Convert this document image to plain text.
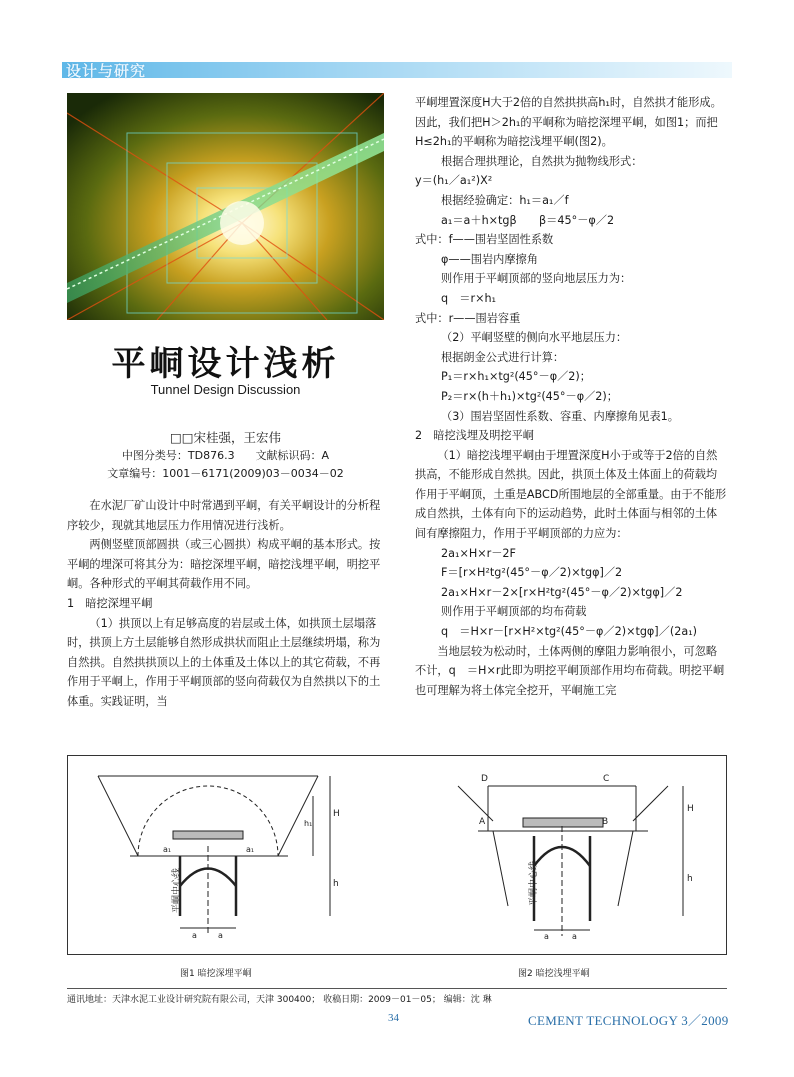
设计与研究
平峒设计浅析
Tunnel Design Discussion
□□宋桂强，王宏伟
中图分类号：TD876.3 文献标识码：A
文章编号：1001－6171(2009)03－0034－02

在水泥厂矿山设计中时常遇到平峒，有关平峒设计的分析程序较少，现就其地层压力作用情况进行浅析。

两侧竖壁顶部圆拱（或三心圆拱）构成平峒的基本形式。按平峒的埋深可将其分为：暗挖深埋平峒，暗挖浅埋平峒，明挖平峒。各种形式的平峒其荷载作用不同。

1　暗挖深埋平峒

（1）拱顶以上有足够高度的岩层或土体，如拱顶土层塌落时，拱顶上方土层能够自然形成拱状而阻止土层继续坍塌，称为自然拱。自然拱拱顶以上的土体重及土体以上的其它荷载，不再作用于平峒上，作用于平峒顶部的竖向荷载仅为自然拱以下的土体重。实践证明，当

平峒埋置深度H大于2倍的自然拱拱高h₁时，自然拱才能形成。因此，我们把H＞2h₁的平峒称为暗挖深埋平峒，如图1；而把H≤2h₁的平峒称为暗挖浅埋平峒(图2)。

根据合理拱理论，自然拱为抛物线形式：

y＝(h₁／a₁²)X²

根据经验确定：h₁＝a₁／f

a₁＝a＋h×tgβ　　β＝45°－φ／2

式中：f——围岩坚固性系数

φ——围岩内摩擦角

则作用于平峒顶部的竖向地层压力为：

q　＝r×h₁

式中：r——围岩容重

（2）平峒竖壁的侧向水平地层压力：

根据朗金公式进行计算：

P₁＝r×h₁×tg²(45°－φ／2)；

P₂＝r×(h＋h₁)×tg²(45°－φ／2)；

（3）围岩坚固性系数、容重、内摩擦角见表1。

2　暗挖浅埋及明挖平峒

（1）暗挖浅埋平峒由于埋置深度H小于或等于2倍的自然拱高，不能形成自然拱。因此，拱顶土体及土体面上的荷载均作用于平峒顶，土重是ABCD所围地层的全部重量。由于不能形成自然拱，土体有向下的运动趋势，此时土体面与相邻的土体间有摩擦阻力，作用于平峒顶部的力应为：

2a₁×H×r－2F

F＝[r×H²tg²(45°－φ／2)×tgφ]／2

2a₁×H×r－2×[r×H²tg²(45°－φ／2)×tgφ]／2

则作用于平峒顶部的均布荷载

q　＝H×r－[r×H²×tg²(45°－φ／2)×tgφ]／(2a₁)

当地层较为松动时，土体两侧的摩阻力影响很小，可忽略不计，q　＝H×r此即为明挖平峒顶部作用均布荷载。明挖平峒也可理解为将土体完全挖开，平峒施工完

平峒中心线
a₁	a₁
a	a
h₁
H
h
D	C
A	B
平峒中心线
a	a
H
h
图1 暗挖深埋平峒	图2 暗挖浅埋平峒
通讯地址：天津水泥工业设计研究院有限公司，天津 300400； 收稿日期：2009－01－05； 编辑：沈 琳
34	CEMENT TECHNOLOGY 3／2009
